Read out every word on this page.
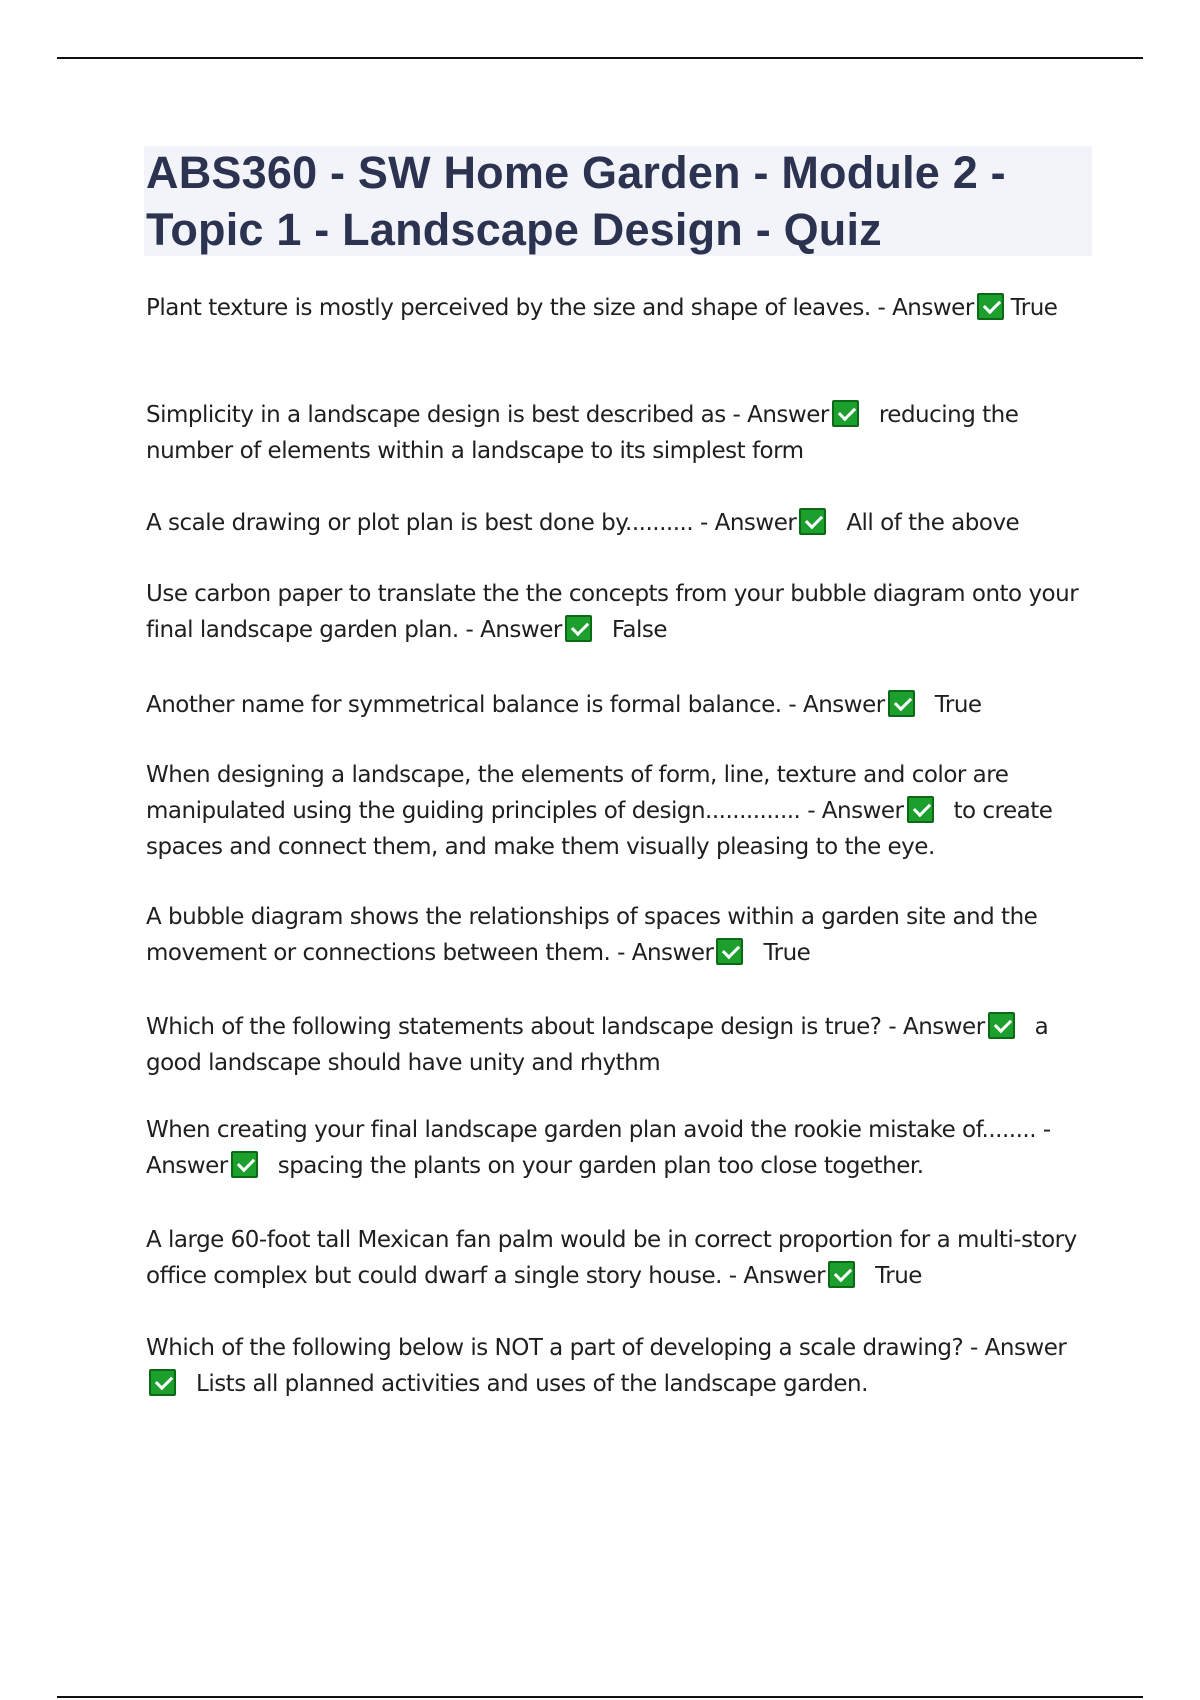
ABS360 - SW Home Garden - Module 2 - Topic 1 - Landscape Design - Quiz

Plant texture is mostly perceived by the size and shape of leaves. - Answer True

Simplicity in a landscape design is best described as - Answer reducing the number of elements within a landscape to its simplest form

A scale drawing or plot plan is best done by.......... - Answer All of the above

Use carbon paper to translate the the concepts from your bubble diagram onto your final landscape garden plan. - Answer False

Another name for symmetrical balance is formal balance. - Answer True

When designing a landscape, the elements of form, line, texture and color are manipulated using the guiding principles of design.............. - Answer to create spaces and connect them, and make them visually pleasing to the eye.

A bubble diagram shows the relationships of spaces within a garden site and the movement or connections between them. - Answer True

Which of the following statements about landscape design is true? - Answer a good landscape should have unity and rhythm

When creating your final landscape garden plan avoid the rookie mistake of........ - Answer spacing the plants on your garden plan too close together.

A large 60-foot tall Mexican fan palm would be in correct proportion for a multi-story office complex but could dwarf a single story house. - Answer True

Which of the following below is NOT a part of developing a scale drawing? - AnswerLists all planned activities and uses of the landscape garden.
